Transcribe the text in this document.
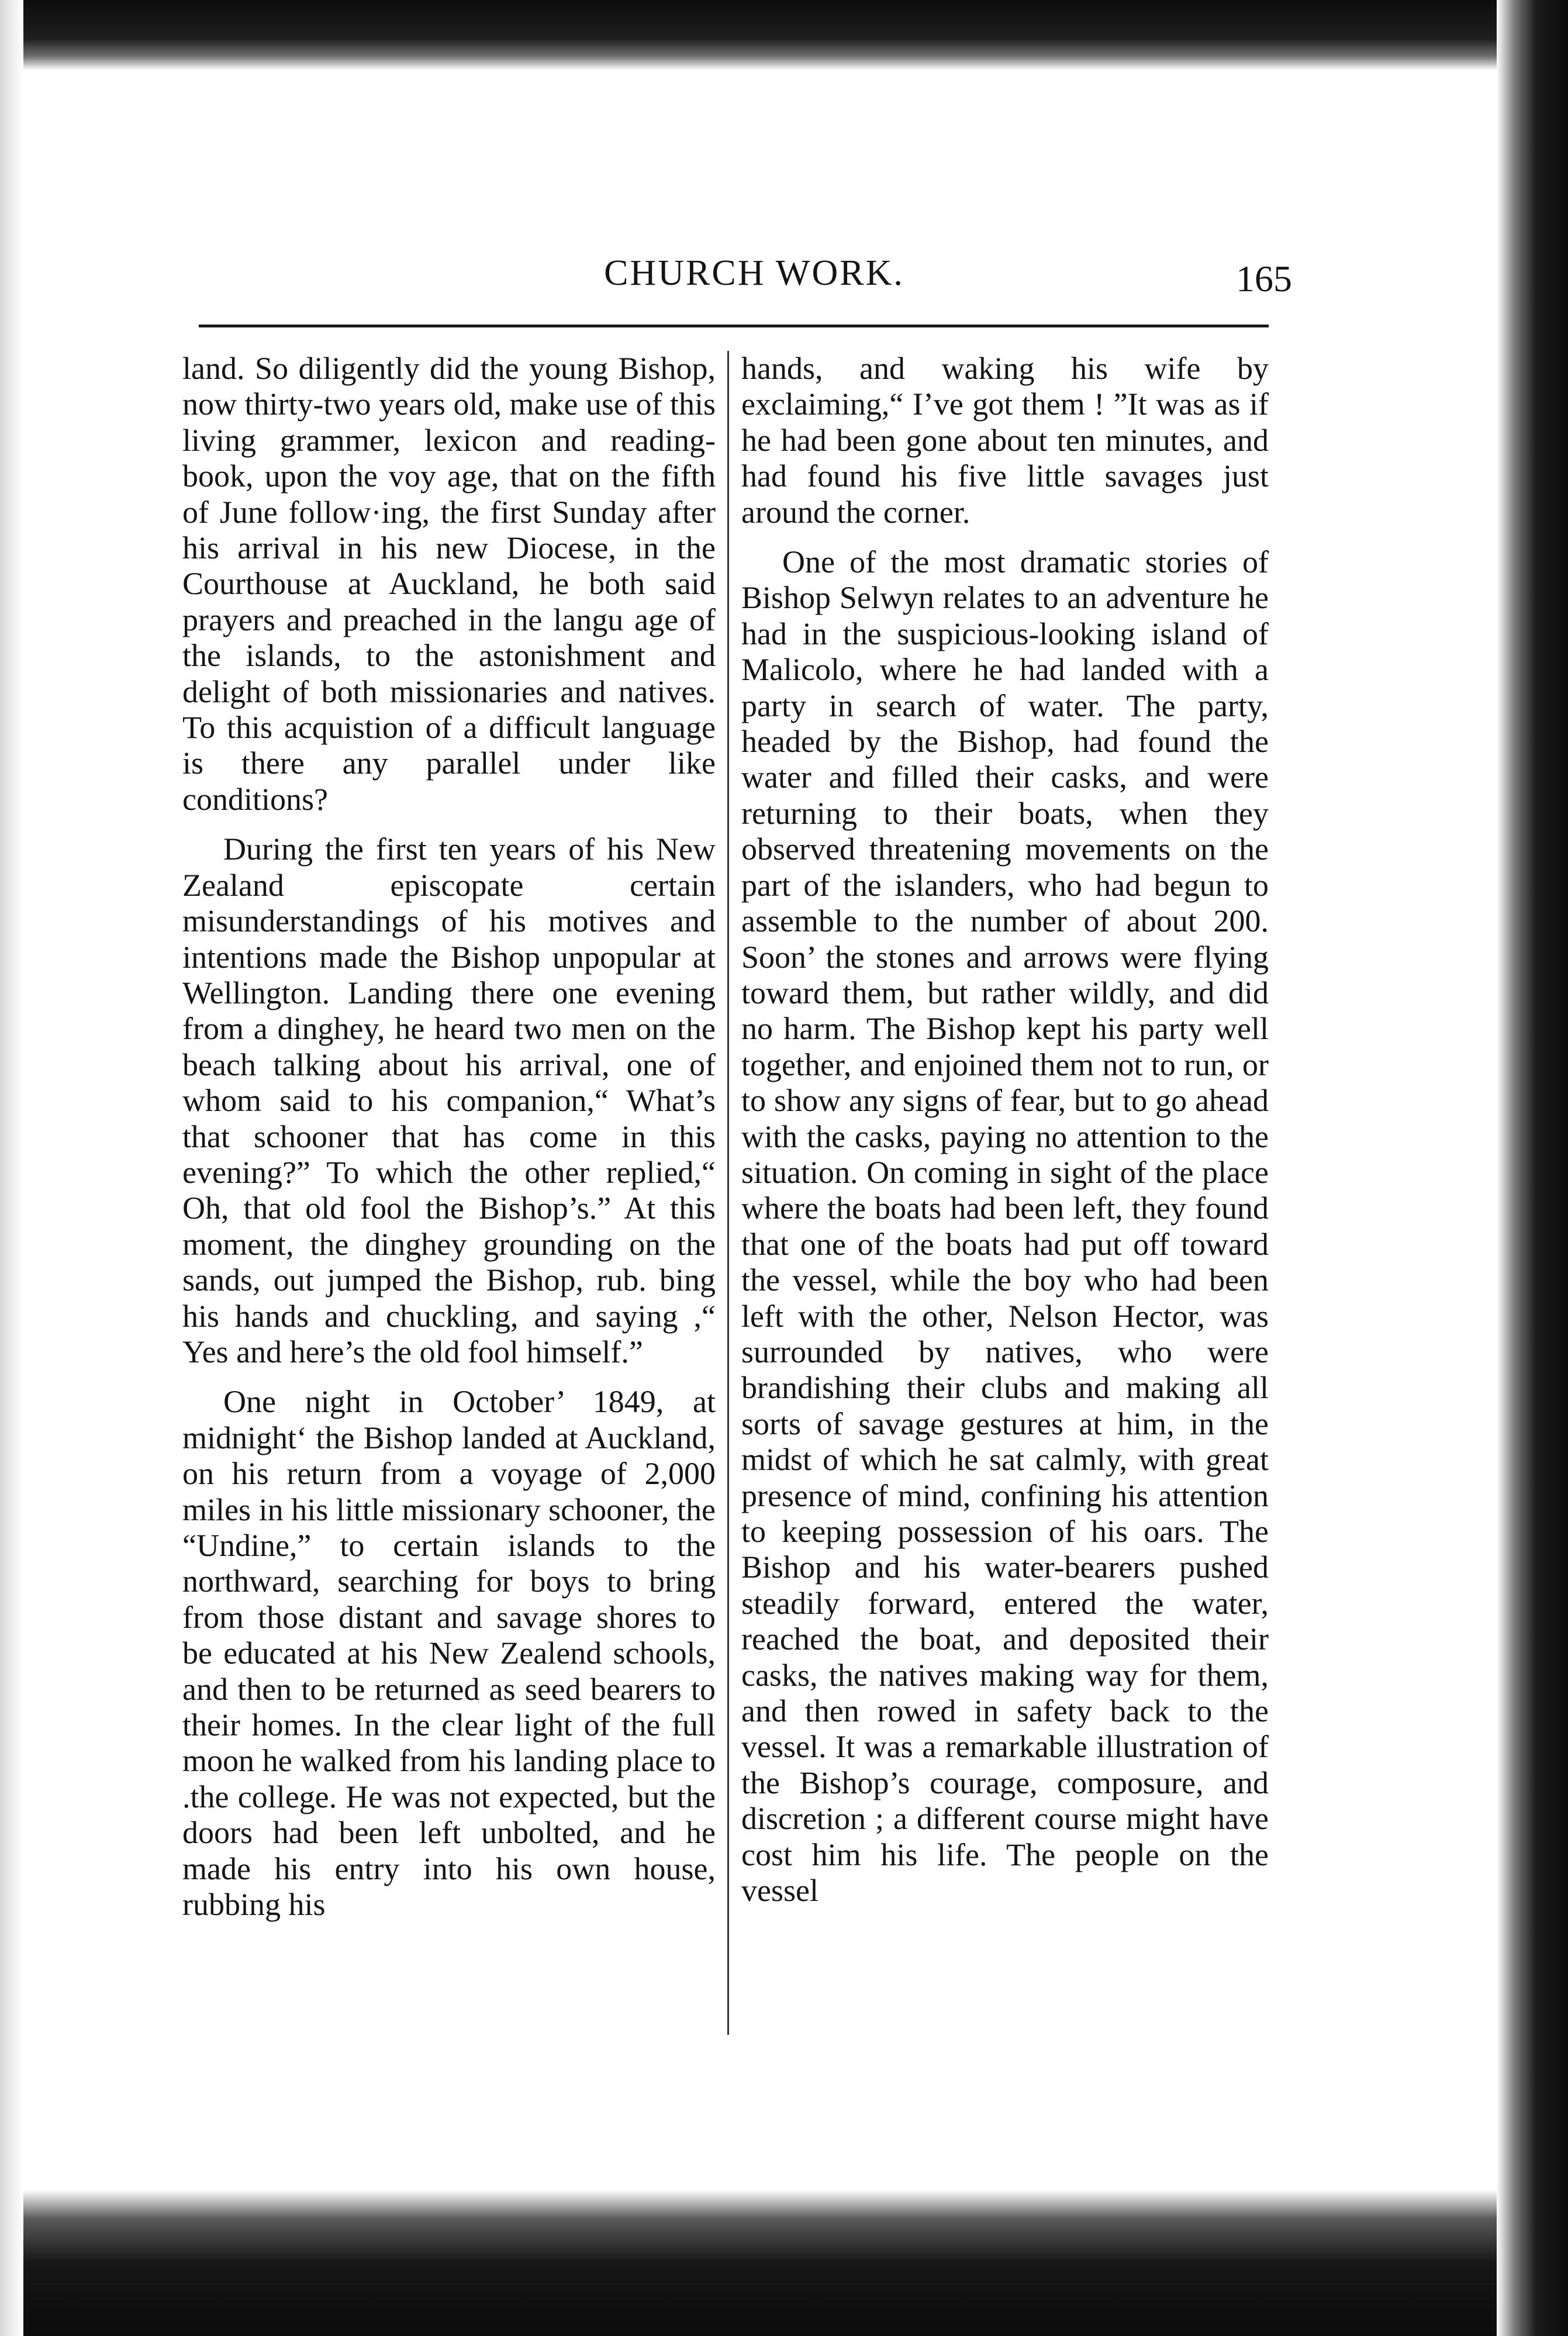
CHURCH WORK.	165

land. So diligently did the young Bishop, now thirty-two years old, make use of this living grammer, lexicon and reading-book, upon the voy age, that on the fifth of June follow·ing, the first Sunday after his arrival in his new Diocese, in the Courthouse at Auckland, he both said prayers and preached in the langu age of the islands, to the astonishment and delight of both missionaries and natives. To this acquistion of a difficult language is there any parallel under like conditions?

During the first ten years of his New Zealand episcopate certain misunderstandings of his motives and intentions made the Bishop unpopular at Wellington. Landing there one evening from a dinghey, he heard two men on the beach talking about his arrival, one of whom said to his companion,“ What’s that schooner that has come in this evening?” To which the other replied,“ Oh, that old fool the Bishop’s.” At this moment, the dinghey grounding on the sands, out jumped the Bishop, rub. bing his hands and chuckling, and saying ,“ Yes and here’s the old fool himself.”

One night in October’ 1849, at midnight‘ the Bishop landed at Auckland, on his return from a voyage of 2,000 miles in his little missionary schooner, the “Undine,” to certain islands to the northward, searching for boys to bring from those distant and savage shores to be educated at his New Zealend schools, and then to be returned as seed bearers to their homes. In the clear light of the full moon he walked from his landing place to .the college. He was not expected, but the doors had been left unbolted, and he made his entry into his own house, rubbing his

hands, and waking his wife by exclaiming,“ I’ve got them ! ”It was as if he had been gone about ten minutes, and had found his five little savages just around the corner.

One of the most dramatic stories of Bishop Selwyn relates to an adventure he had in the suspicious-looking island of Malicolo, where he had landed with a party in search of water. The party, headed by the Bishop, had found the water and filled their casks, and were returning to their boats, when they observed threatening movements on the part of the islanders, who had begun to assemble to the number of about 200. Soon’ the stones and arrows were flying toward them, but rather wildly, and did no harm. The Bishop kept his party well together, and enjoined them not to run, or to show any signs of fear, but to go ahead with the casks, paying no attention to the situation. On coming in sight of the place where the boats had been left, they found that one of the boats had put off toward the vessel, while the boy who had been left with the other, Nelson Hector, was surrounded by natives, who were brandishing their clubs and making all sorts of savage gestures at him, in the midst of which he sat calmly, with great presence of mind, confining his attention to keeping possession of his oars. The Bishop and his water-bearers pushed steadily forward, entered the water, reached the boat, and deposited their casks, the natives making way for them, and then rowed in safety back to the vessel. It was a remarkable illustration of the Bishop’s courage, composure, and discretion ; a different course might have cost him his life. The people on the vessel
